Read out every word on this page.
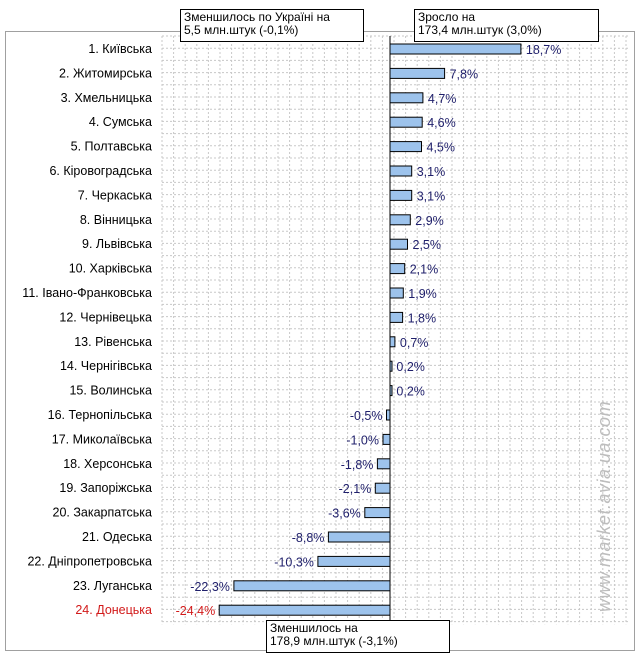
1. Київська	18,7%
2. Житомирська	7,8%
3. Хмельницька	4,7%
4. Сумська	4,6%
5. Полтавська	4,5%
6. Кіровоградська	3,1%
7. Черкаська	3,1%
8. Вінницька	2,9%
9. Львівська	2,5%
10. Харківська	2,1%
11. Івано-Франковська	1,9%
12. Чернівецька	1,8%
13. Рівенська	0,7%
14. Чернігівська	0,2%
15. Волинська	0,2%
16. Тернопільська	-0,5%
17. Миколаївська	-1,0%
18. Херсонська	-1,8%
19. Запоріжська	-2,1%
20. Закарпатська	-3,6%
21. Одеська	-8,8%
22. Дніпропетровська	-10,3%
23. Луганська	-22,3%
24. Донецька -24,4%
Зменшилось по Україні на
5,5 млн.штук (-0,1%)
Зросло на
173,4 млн.штук (3,0%)
Зменшилось на
178,9 млн.штук (-3,1%)
www.market.avia.ua.com
